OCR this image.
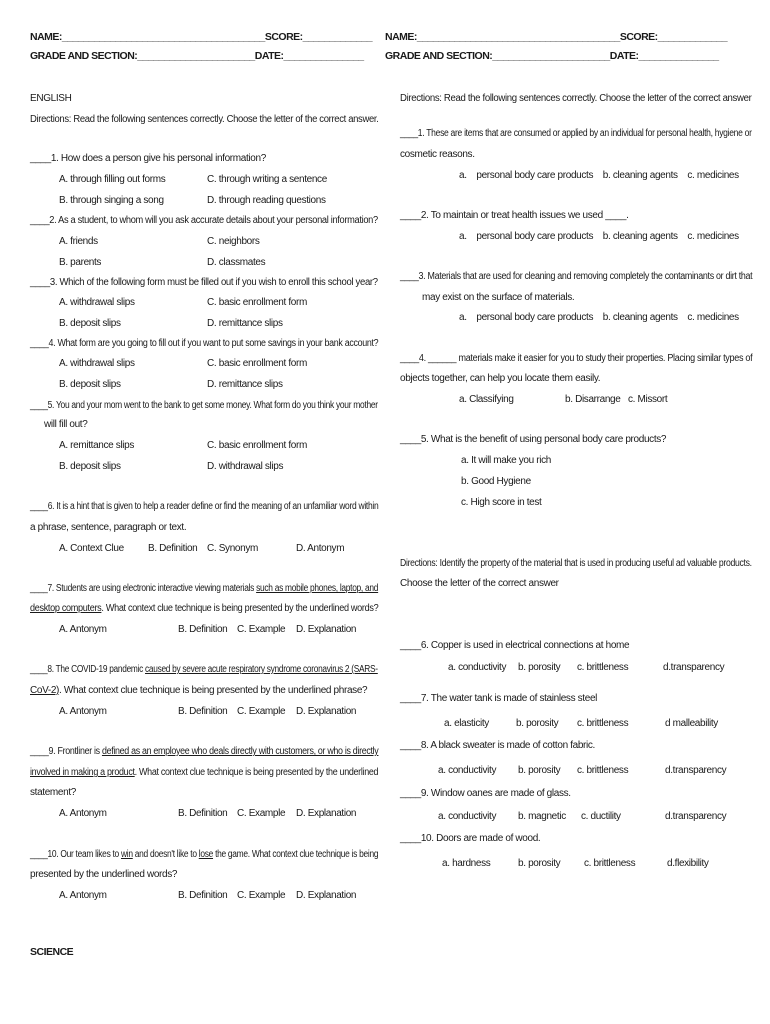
NAME:______________________________________SCORE:_____________
GRADE AND SECTION:______________________DATE:_______________
ENGLISH
Directions: Read the following sentences correctly. Choose the letter of the correct answer.
____1. How does a person give his personal information?
A. through filling out forms	C. through writing a sentence
B. through singing a song	D. through reading questions
____2. As a student, to whom will you ask accurate details about your personal information?
A. friends	C. neighbors
B. parents	D. classmates
____3. Which of the following form must be filled out if you wish to enroll this school year?
A. withdrawal slips	C. basic enrollment form
B. deposit slips	D. remittance slips
____4. What form are you going to fill out if you want to put some savings in your bank account?
A. withdrawal slips	C. basic enrollment form
B. deposit slips	D. remittance slips
____5. You and your mom went to the bank to get some money. What form do you think your mother
will fill out?
A. remittance slips	C. basic enrollment form
B. deposit slips	D. withdrawal slips
____6. It is a hint that is given to help a reader define or find the meaning of an unfamiliar word within
a phrase, sentence, paragraph or text.
A. Context Clue B. Definition C. Synonym	D. Antonym
____7. Students are using electronic interactive viewing materials such as mobile phones, laptop, and
desktop computers. What context clue technique is being presented by the underlined words?
A. Antonym	B. Definition C. Example D. Explanation
____8. The COVID-19 pandemic caused by severe acute respiratory syndrome coronavirus 2 (SARS-
CoV-2). What context clue technique is being presented by the underlined phrase?
A. Antonym	B. Definition C. Example D. Explanation
____9. Frontliner is defined as an employee who deals directly with customers, or who is directly
involved in making a product. What context clue technique is being presented by the underlined
statement?
A. Antonym	B. Definition C. Example D. Explanation
____10. Our team likes to win and doesn't like to lose the game. What context clue technique is being
presented by the underlined words?
A. Antonym	B. Definition C. Example D. Explanation
SCIENCE
NAME:______________________________________SCORE:_____________
GRADE AND SECTION:______________________DATE:_______________
Directions: Read the following sentences correctly. Choose the letter of the correct answer
____1. These are items that are consumed or applied by an individual for personal health, hygiene or
cosmetic reasons.
a.    personal body care products    b. cleaning agents    c. medicines
____2. To maintain or treat health issues we used ____.
a.    personal body care products    b. cleaning agents    c. medicines
____3. Materials that are used for cleaning and removing completely the contaminants or dirt that
may exist on the surface of materials.
a.    personal body care products    b. cleaning agents    c. medicines
____4. ______ materials make it easier for you to study their properties. Placing similar types of
objects together, can help you locate them easily.
a. Classifying	b. Disarrange c. Missort
____5. What is the benefit of using personal body care products?
a. It will make you rich
b. Good Hygiene
c. High score in test
Directions: Identify the property of the material that is used in producing useful ad valuable products.
Choose the letter of the correct answer
____6. Copper is used in electrical connections at home
a. conductivity b. porosity c. brittleness	d.transparency
____7. The water tank is made of stainless steel
a. elasticity	b. porosity c. brittleness	d malleability
____8. A black sweater is made of cotton fabric.
a. conductivity b. porosity c. brittleness	d.transparency
____9. Window oanes are made of glass.
a. conductivity b. magnetic c. ductility	d.transparency
____10. Doors are made of wood.
a. hardness	b. porosity c. brittleness	d.flexibility
